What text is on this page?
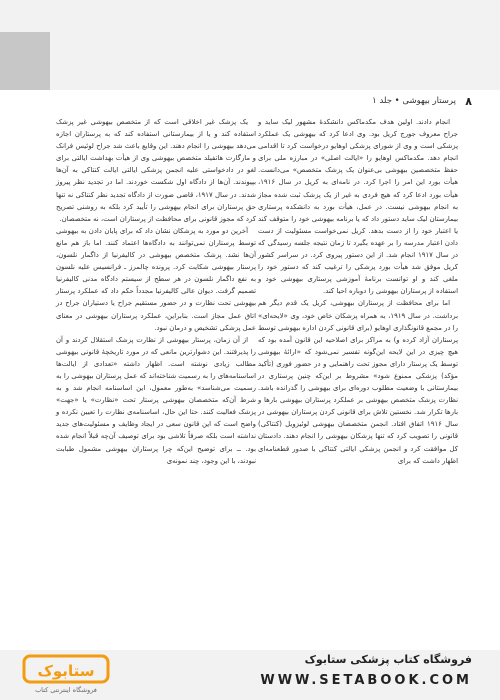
۸
پرستار بیهوشی • جلد ۱

انجام دادند. اولین هدف مکدماکس دانشکدهٔ مشهور لیک ساید و جراح معروف جورج کریل بود. وی ادعا کرد که بیهوشی یک عملکرد پزشکی است و وی از شورای پزشکی اوهایو درخواست کرد تا اقدامی انجام دهد. مکدماکس اوهایو را «ایالت اصلی» در مبارزه ملی برای حفظ متخصصین بیهوشی بی‌عنوان یک پزشک متخصص» می‌دانست. هیأت بورد این امر را اجرا کرد. در نامه‌ای به کریل در سال ۱۹۱۶، هیأت بورد ادعا کرد که هیچ فردی به غیر از یک پزشک ثبت شده مجاز به انجام بیهوشی نیست. در عمل، هیأت بورد به دانشکده پرستاری بیمارستان لیک ساید دستور داد که یا برنامه بیهوشی خود را متوقف کند یا اعتبار خود را از دست بدهد. کریل نمی‌خواست مسئولیت از دست دادن اعتبار مدرسه را بر عهده بگیرد تا زمان نتیجه جلسه رسیدگی که در سال ۱۹۱۷ انجام شد. از این دستور پیروی کرد. در سراسر کشور کریل موفق شد هیأت بورد پزشکی را ترغیب کند که دستور خود را ملغی کند و او توانست برنامهٔ آموزشی پرستاری بیهوشی خود و استفاده از پرستاران بیهوشی را دوباره احیا کند.

اما برای محافظت از پرستاران بیهوشی، کریل یک قدم دیگر هم برداشت. در سال ۱۹۱۹، به همراه پزشکان خاص خود، وی «لایحه‌ای» را در مجمع قانونگذاری اوهایو (برای قانونی کردن اداره بیهوشی توسط پرستاران آزاد کرده و) به مراکز برای اصلاحیه این قانون آمده بود که هیچ چیزی در این لایحه این‌گونه تفسیر نمی‌شود که «ارائهٔ بیهوشی توسط یک پرستار دارای مجوز تحت راهنمایی و در حضور فوری (تأکید مؤکد) پزشکی ممنوع شود» مشروط بر این‌که چنین پرستاری در بیمارستانی با وضعیت مطلوب دوره‌ای برای بیهوشی را گذرانده باشد. نظارت پزشک متخصص بیهوشی بر عملکرد پرستاران بیهوشی بارها و بارها تکرار شد. نخستین تلاش برای قانونی کردن پرستاران بیهوشی در سال ۱۹۱۶ اتفاق افتاد. انجمن متخصصان بیهوشی لوئیزویل (کنتاکی) قانونی را تصویب کرد که تنها پزشکان بیهوشی را انجام دهند. دادستان کل موافقت کرد و انجمن پزشکی ایالتی کنتاکی با صدور قطعنامه‌ای اظهار داشت که برای

یک پزشک غیر اخلاقی است که از متخصص بیهوشی غیر پزشک استفاده کند و یا از بیمارستانی استفاده کند که به پرستاران اجازه می‌دهد بیهوشی را انجام دهند. این وقایع باعث شد جراح لوئیس فرانک و مارگارت هاتفیلد متخصص بیهوشی وی از هیأت بهداشت ایالتی برای لغو در دادخواستی علیه انجمن پزشکی ایالتی ایالت کنتاکی به آن‌ها بپیوندند. آن‌ها از دادگاه اول شکست خوردند. اما در تجدید نظر پیروز شدند. در سال ۱۹۱۷، قاضی صورت از دادگاه تجدید نظر کنتاکی نه تنها حق پرستاران برای انجام بیهوشی را تأیید کرد بلکه به روشنی تصریح کرد که مجوز قانونی برای محافظت از پرستاران است، نه متخصصان.

آخرین دو مورد به پزشکان نشان داد که برای پایان دادن به بیهوشی توسط پرستاران نمی‌توانند به دادگاه‌ها اعتماد کنند. اما باز هم مانع آن‌ها نشد. پزشک متخصص بیهوشی در کالیفرنیا از داگمار نلسون، پرستار بیهوشی شکایت کرد. پرونده چالمرز ـ فرانسیس علیه نلسون به نفع داگمار نلسون در هر سطح از سیستم دادگاه مدنی کالیفرنیا تصمیم گرفت. دیوان عالی کالیفرنیا مجدداً حکم داد که عملکرد پرستار بیهوشی تحت نظارت و در حضور مستقیم جراح یا دستیاران جراح در اتاق عمل مجاز است. بنابراین، عملکرد پرستاران بیهوشی در معنای عمل پزشکی تشخیص و درمان نبود.

از آن زمان، پرستار بیهوشی از نظارت پزشک استقلال کردند و آن را پذیرفتند. این دشوارترین مانعی که در مورد تاریخچهٔ قانونی بیهوشی مطالب زیادی نوشته است. اظهار داشته «تعدادی از ایالت‌ها اساسنامه‌های را به رسمیت شناخته‌اند که عمل پرستاران بیهوشی را به رسمیت می‌شناسد» به‌طور معمول، این اساسنامه انجام شد و به شرط آن‌که متخصصان بیهوشی پرستار تحت «نظارت» یا «جهت» پزشک فعالیت کنند. حتا این حال، اساسنامه‌ی نظارت را تعیین نکرده و واضح است که این قانون سعی در ایجاد وظایف و مسئولیت‌های جدید نداشته است بلکه صرفاً تلاشی بود برای توصیف آن‌چه قبلاً انجام شده بود. ــ برای توضیح این‌که چرا پرستاران بیهوشی مشمول طبابت نبودند، با این وجود، چند نمونه‌ی

ستابوک
فروشگاه اینترنتی کتاب
فروشگاه کتاب پزشکی ستابوک
WWW.SETABOOK.COM
